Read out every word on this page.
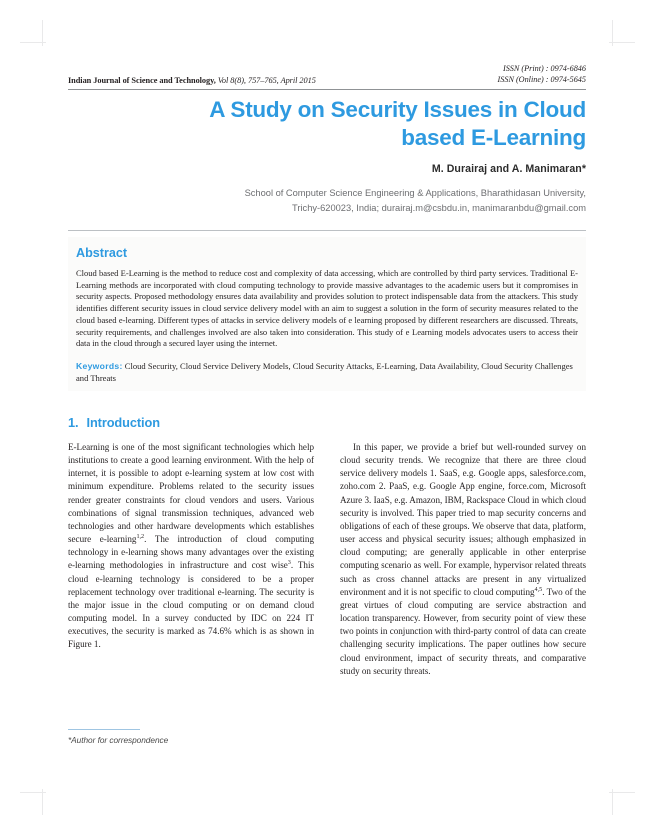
Indian Journal of Science and Technology, Vol 8(8), 757–765, April 2015
ISSN (Print) : 0974-6846
ISSN (Online) : 0974-5645
A Study on Security Issues in Cloud based E-Learning
M. Durairaj and A. Manimaran*
School of Computer Science Engineering & Applications, Bharathidasan University,
Trichy-620023, India; durairaj.m@csbdu.in, manimaranbdu@gmail.com
Abstract
Cloud based E-Learning is the method to reduce cost and complexity of data accessing, which are controlled by third party services. Traditional E-Learning methods are incorporated with cloud computing technology to provide massive advantages to the academic users but it compromises in security aspects. Proposed methodology ensures data availability and provides solution to protect indispensable data from the attackers. This study identifies different security issues in cloud service delivery model with an aim to suggest a solution in the form of security measures related to the cloud based e-learning. Different types of attacks in service delivery models of e learning proposed by different researchers are discussed. Threats, security requirements, and challenges involved are also taken into consideration. This study of e Learning models advocates users to access their data in the cloud through a secured layer using the internet.
Keywords: Cloud Security, Cloud Service Delivery Models, Cloud Security Attacks, E-Learning, Data Availability, Cloud Security Challenges and Threats
1. Introduction

E-Learning is one of the most significant technologies which help institutions to create a good learning environment. With the help of internet, it is possible to adopt e-learning system at low cost with minimum expenditure. Problems related to the security issues render greater constraints for cloud vendors and users. Various combinations of signal transmission techniques, advanced web technologies and other hardware developments which establishes secure e-learning$^{1,2}$. The introduction of cloud computing technology in e-learning shows many advantages over the existing e-learning methodologies in infrastructure and cost wise$^3$. This cloud e-learning technology is considered to be a proper replacement technology over traditional e-learning. The security is the major issue in the cloud computing or on demand cloud computing model. In a survey conducted by IDC on 224 IT executives, the security is marked as 74.6% which is as shown in Figure 1.

In this paper, we provide a brief but well-rounded survey on cloud security trends. We recognize that there are three cloud service delivery models 1. SaaS, e.g. Google apps, salesforce.com, zoho.com 2. PaaS, e.g. Google App engine, force.com, Microsoft Azure 3. IaaS, e.g. Amazon, IBM, Rackspace Cloud in which cloud security is involved. This paper tried to map security concerns and obligations of each of these groups. We observe that data, platform, user access and physical security issues; although emphasized in cloud computing; are generally applicable in other enterprise computing scenario as well. For example, hypervisor related threats such as cross channel attacks are present in any virtualized environment and it is not specific to cloud computing$^{4,5}$. Two of the great virtues of cloud computing are service abstraction and location transparency. However, from security point of view these two points in conjunction with third-party control of data can create challenging security implications. The paper outlines how secure cloud environment, impact of security threats, and comparative study on security threats.

*Author for correspondence
